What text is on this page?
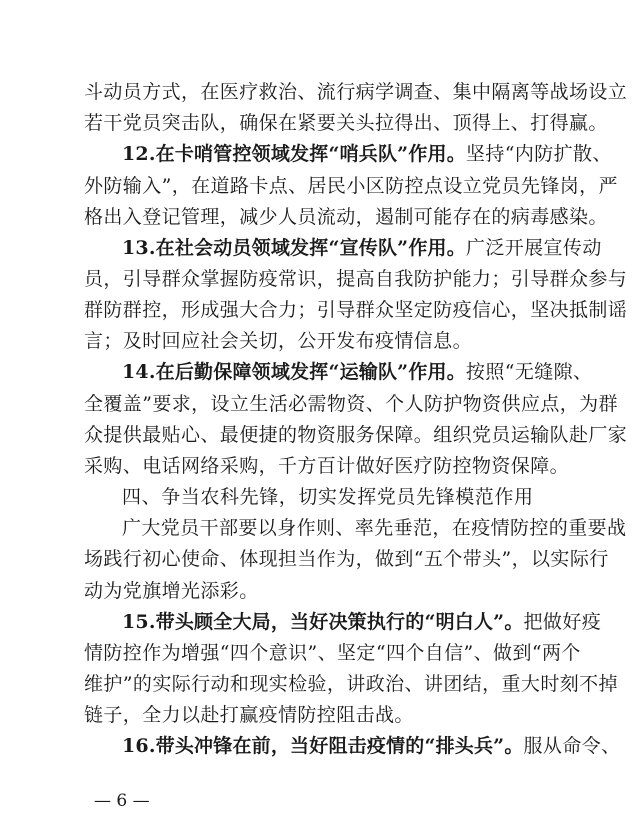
斗动员方式，在医疗救治、流行病学调查、集中隔离等战场设立
若干党员突击队，确保在紧要关头拉得出、顶得上、打得赢。
12.在卡哨管控领域发挥“哨兵队”作用。坚持“内防扩散、
外防输入”，在道路卡点、居民小区防控点设立党员先锋岗，严
格出入登记管理，减少人员流动，遏制可能存在的病毒感染。
13.在社会动员领域发挥“宣传队”作用。广泛开展宣传动
员，引导群众掌握防疫常识，提高自我防护能力；引导群众参与
群防群控，形成强大合力；引导群众坚定防疫信心，坚决抵制谣
言；及时回应社会关切，公开发布疫情信息。
14.在后勤保障领域发挥“运输队”作用。按照“无缝隙、
全覆盖”要求，设立生活必需物资、个人防护物资供应点，为群
众提供最贴心、最便捷的物资服务保障。组织党员运输队赴厂家
采购、电话网络采购，千方百计做好医疗防控物资保障。
四、争当农科先锋，切实发挥党员先锋模范作用
广大党员干部要以身作则、率先垂范，在疫情防控的重要战
场践行初心使命、体现担当作为，做到“五个带头”，以实际行
动为党旗增光添彩。
15.带头顾全大局，当好决策执行的“明白人”。把做好疫
情防控作为增强“四个意识”、坚定“四个自信”、做到“两个
维护”的实际行动和现实检验，讲政治、讲团结，重大时刻不掉
链子，全力以赴打赢疫情防控阻击战。
16.带头冲锋在前，当好阻击疫情的“排头兵”。服从命令、
— 6 —
